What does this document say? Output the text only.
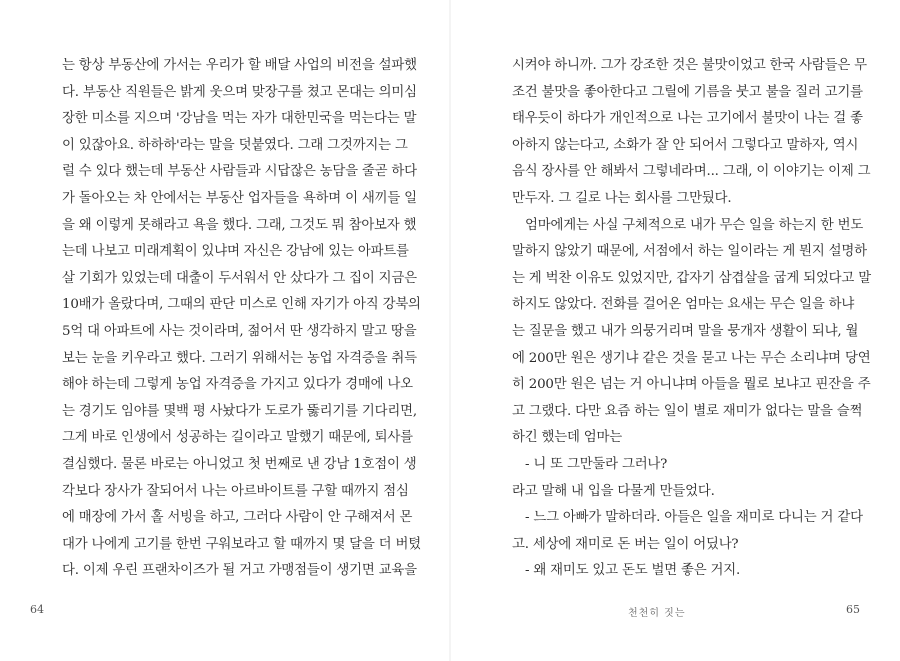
는 항상 부동산에 가서는 우리가 할 배달 사업의 비전을 설파했
다. 부동산 직원들은 밝게 웃으며 맞장구를 쳤고 몬대는 의미심
장한 미소를 지으며 '강남을 먹는 자가 대한민국을 먹는다는 말
이 있잖아요. 하하하'라는 말을 덧붙였다. 그래 그것까지는 그
럴 수 있다 했는데 부동산 사람들과 시답잖은 농담을 줄곧 하다
가 돌아오는 차 안에서는 부동산 업자들을 욕하며 이 새끼들 일
을 왜 이렇게 못해라고 욕을 했다. 그래, 그것도 뭐 참아보자 했
는데 나보고 미래계획이 있냐며 자신은 강남에 있는 아파트를
살 기회가 있었는데 대출이 두서워서 안 샀다가 그 집이 지금은
10배가 올랐다며, 그때의 판단 미스로 인해 자기가 아직 강북의
5억 대 아파트에 사는 것이라며, 젊어서 딴 생각하지 말고 땅을
보는 눈을 키우라고 했다. 그러기 위해서는 농업 자격증을 취득
해야 하는데 그렇게 농업 자격증을 가지고 있다가 경매에 나오
는 경기도 임야를 몇백 평 사놨다가 도로가 뚫리기를 기다리면,
그게 바로 인생에서 성공하는 길이라고 말했기 때문에, 퇴사를
결심했다. 물론 바로는 아니었고 첫 번째로 낸 강남 1호점이 생
각보다 장사가 잘되어서 나는 아르바이트를 구할 때까지 점심
에 매장에 가서 홀 서빙을 하고, 그러다 사람이 안 구해져서 몬
대가 나에게 고기를 한번 구워보라고 할 때까지 몇 달을 더 버텼
다. 이제 우린 프랜차이즈가 될 거고 가맹점들이 생기면 교육을
64
시켜야 하니까. 그가 강조한 것은 불맛이었고 한국 사람들은 무
조건 불맛을 좋아한다고 그릴에 기름을 붓고 불을 질러 고기를
태우듯이 하다가 개인적으로 나는 고기에서 불맛이 나는 걸 좋
아하지 않는다고, 소화가 잘 안 되어서 그렇다고 말하자, 역시
음식 장사를 안 해봐서 그렇네라며... 그래, 이 이야기는 이제 그
만두자. 그 길로 나는 회사를 그만뒀다.
엄마에게는 사실 구체적으로 내가 무슨 일을 하는지 한 번도
말하지 않았기 때문에, 서점에서 하는 일이라는 게 뭔지 설명하
는 게 벅찬 이유도 있었지만, 갑자기 삼겹살을 굽게 되었다고 말
하지도 않았다. 전화를 걸어온 엄마는 요새는 무슨 일을 하냐
는 질문을 했고 내가 의뭉거리며 말을 뭉개자 생활이 되냐, 월
에 200만 원은 생기냐 같은 것을 묻고 나는 무슨 소리냐며 당연
히 200만 원은 넘는 거 아니냐며 아들을 뭘로 보냐고 핀잔을 주
고 그랬다. 다만 요즘 하는 일이 별로 재미가 없다는 말을 슬쩍
하긴 했는데 엄마는
- 니 또 그만둘라 그러나?
라고 말해 내 입을 다물게 만들었다.
- 느그 아빠가 말하더라. 아들은 일을 재미로 다니는 거 같다
고. 세상에 재미로 돈 버는 일이 어딨나?
- 왜 재미도 있고 돈도 벌면 좋은 거지.
천천히 짓는	65
